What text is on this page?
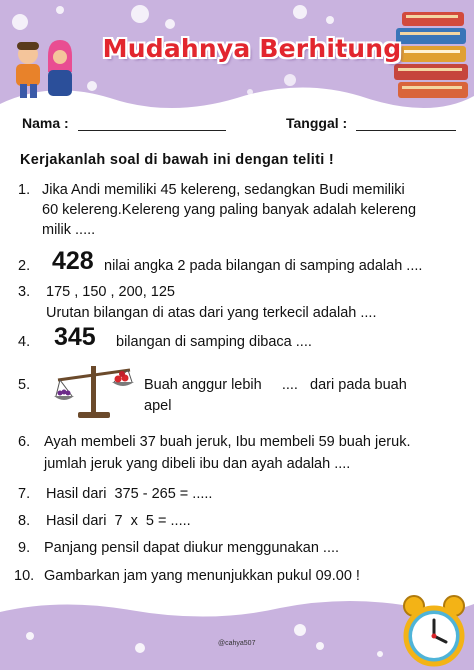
Mudahnya Berhitung
Nama :	Tanggal :
Kerjakanlah soal di bawah ini dengan teliti !
1. Jika Andi memiliki 45 kelereng, sedangkan Budi memiliki
60 kelereng.Kelereng yang paling banyak adalah kelereng
milik .....
2. 428 nilai angka 2 pada bilangan di samping adalah ....
3. 175 , 150 , 200, 125
Urutan bilangan di atas dari yang terkecil adalah ....
4. 345 bilangan di samping dibaca ....
5.	Buah anggur lebih     ....   dari pada buah
apel
6. Ayah membeli 37 buah jeruk, Ibu membeli 59 buah jeruk.
jumlah jeruk yang dibeli ibu dan ayah adalah ....
7. Hasil dari  375 - 265 = .....
8. Hasil dari  7  x  5 = .....
9. Panjang pensil dapat diukur menggunakan ....
10. Gambarkan jam yang menunjukkan pukul 09.00 !
@cahya507
